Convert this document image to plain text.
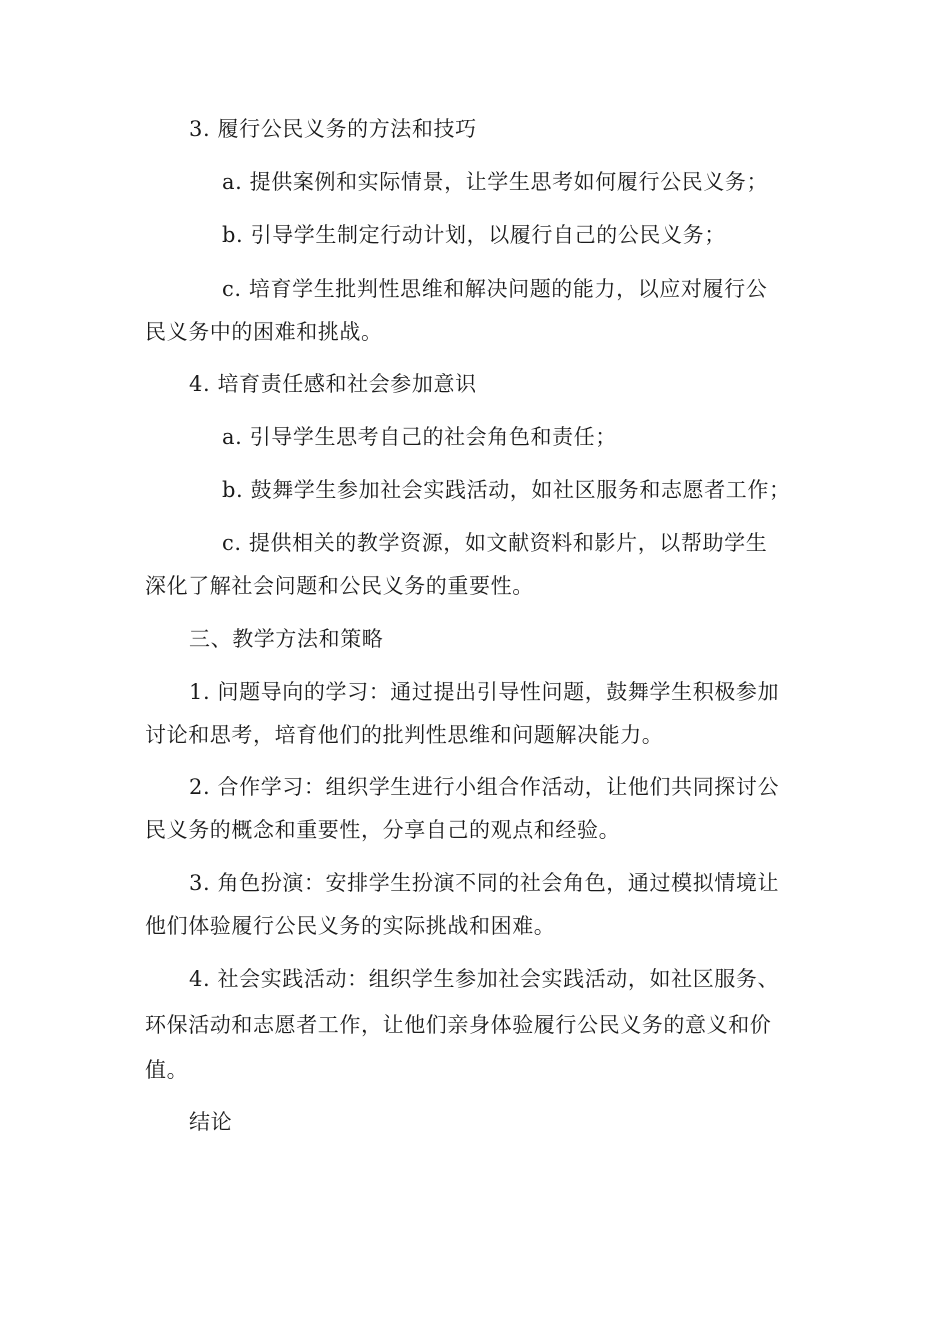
3. 履行公民义务的方法和技巧
a. 提供案例和实际情景，让学生思考如何履行公民义务；
b. 引导学生制定行动计划，以履行自己的公民义务；
c. 培育学生批判性思维和解决问题的能力，以应对履行公
民义务中的困难和挑战。
4. 培育责任感和社会参加意识
a. 引导学生思考自己的社会角色和责任；
b. 鼓舞学生参加社会实践活动，如社区服务和志愿者工作；
c. 提供相关的教学资源，如文献资料和影片，以帮助学生
深化了解社会问题和公民义务的重要性。
三、教学方法和策略
1. 问题导向的学习：通过提出引导性问题，鼓舞学生积极参加
讨论和思考，培育他们的批判性思维和问题解决能力。
2. 合作学习：组织学生进行小组合作活动，让他们共同探讨公
民义务的概念和重要性，分享自己的观点和经验。
3. 角色扮演：安排学生扮演不同的社会角色，通过模拟情境让
他们体验履行公民义务的实际挑战和困难。
4. 社会实践活动：组织学生参加社会实践活动，如社区服务、
环保活动和志愿者工作，让他们亲身体验履行公民义务的意义和价
值。
结论
